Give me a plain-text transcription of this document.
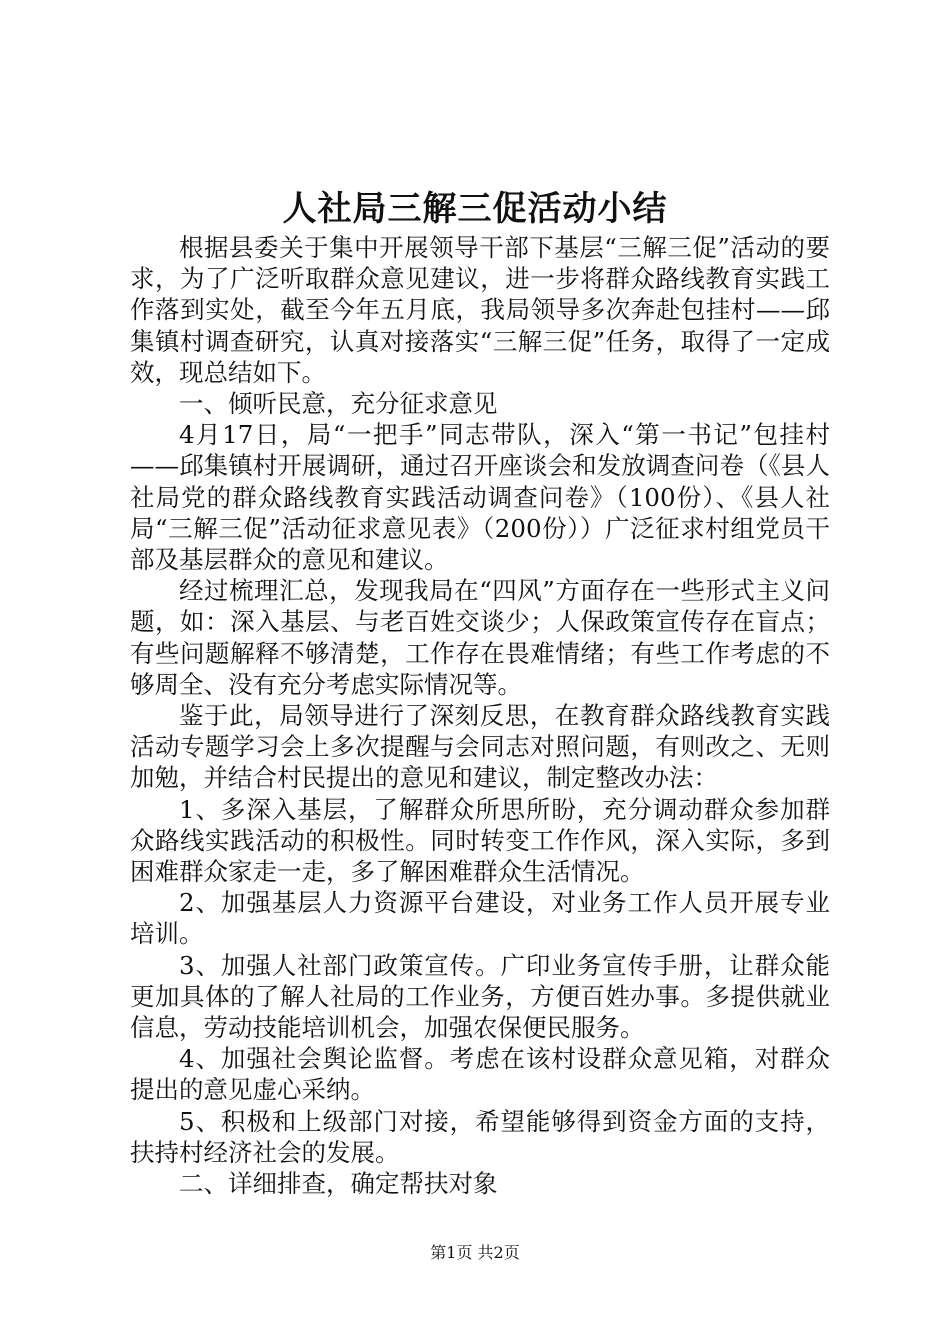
人社局三解三促活动小结

根据县委关于集中开展领导干部下基层“三解三促”活动的要求，为了广泛听取群众意见建议，进一步将群众路线教育实践工作落到实处，截至今年五月底，我局领导多次奔赴包挂村——邱集镇村调查研究，认真对接落实“三解三促”任务，取得了一定成效，现总结如下。

一、倾听民意，充分征求意见

4月17日，局“一把手”同志带队，深入“第一书记”包挂村——邱集镇村开展调研，通过召开座谈会和发放调查问卷（《县人社局党的群众路线教育实践活动调查问卷》（100份）、《县人社局“三解三促”活动征求意见表》（200份））广泛征求村组党员干部及基层群众的意见和建议。

经过梳理汇总，发现我局在“四风”方面存在一些形式主义问题，如：深入基层、与老百姓交谈少；人保政策宣传存在盲点；有些问题解释不够清楚，工作存在畏难情绪；有些工作考虑的不够周全、没有充分考虑实际情况等。

鉴于此，局领导进行了深刻反思，在教育群众路线教育实践活动专题学习会上多次提醒与会同志对照问题，有则改之、无则加勉，并结合村民提出的意见和建议，制定整改办法：

1、多深入基层，了解群众所思所盼，充分调动群众参加群众路线实践活动的积极性。同时转变工作作风，深入实际，多到困难群众家走一走，多了解困难群众生活情况。

2、加强基层人力资源平台建设，对业务工作人员开展专业培训。

3、加强人社部门政策宣传。广印业务宣传手册，让群众能更加具体的了解人社局的工作业务，方便百姓办事。多提供就业信息，劳动技能培训机会，加强农保便民服务。

4、加强社会舆论监督。考虑在该村设群众意见箱，对群众提出的意见虚心采纳。

5、积极和上级部门对接，希望能够得到资金方面的支持，扶持村经济社会的发展。

二、详细排查，确定帮扶对象

第1页 共2页
